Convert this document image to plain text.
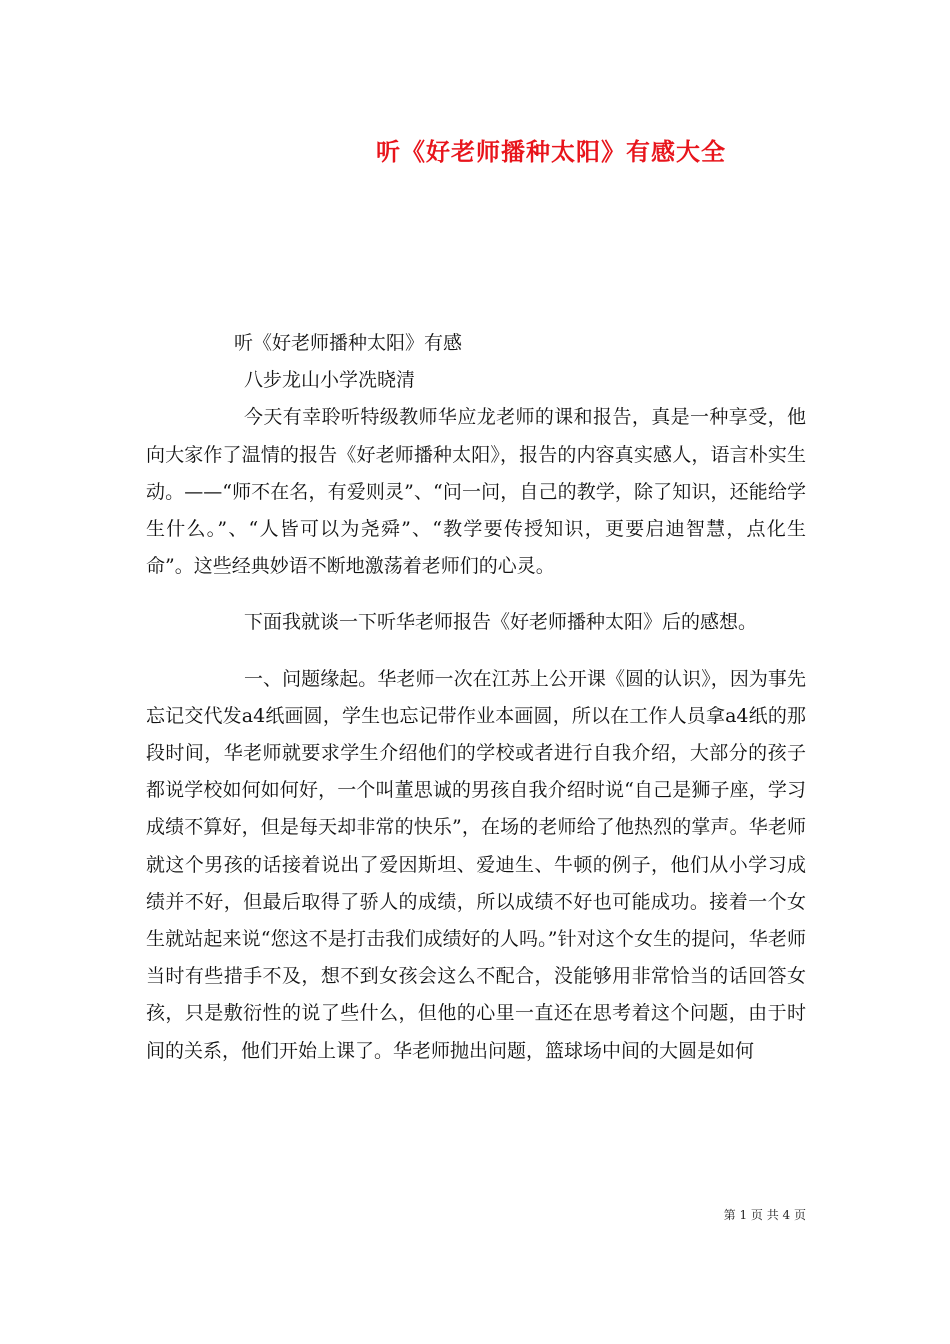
听《好老师播种太阳》有感大全

听《好老师播种太阳》有感

八步龙山小学冼晓清

今天有幸聆听特级教师华应龙老师的课和报告，真是一种享受，他向大家作了温情的报告《好老师播种太阳》，报告的内容真实感人，语言朴实生动。——“师不在名，有爱则灵”、“问一问，自己的教学，除了知识，还能给学生什么。”、“人皆可以为尧舜”、“教学要传授知识，更要启迪智慧，点化生命”。这些经典妙语不断地激荡着老师们的心灵。

下面我就谈一下听华老师报告《好老师播种太阳》后的感想。

一、问题缘起。华老师一次在江苏上公开课《圆的认识》，因为事先忘记交代发a4纸画圆，学生也忘记带作业本画圆，所以在工作人员拿a4纸的那段时间，华老师就要求学生介绍他们的学校或者进行自我介绍，大部分的孩子都说学校如何如何好，一个叫董思诚的男孩自我介绍时说“自己是狮子座，学习成绩不算好，但是每天却非常的快乐”，在场的老师给了他热烈的掌声。华老师就这个男孩的话接着说出了爱因斯坦、爱迪生、牛顿的例子，他们从小学习成绩并不好，但最后取得了骄人的成绩，所以成绩不好也可能成功。接着一个女生就站起来说“您这不是打击我们成绩好的人吗。”针对这个女生的提问，华老师当时有些措手不及，想不到女孩会这么不配合，没能够用非常恰当的话回答女孩，只是敷衍性的说了些什么，但他的心里一直还在思考着这个问题，由于时间的关系，他们开始上课了。华老师抛出问题，篮球场中间的大圆是如何

第 1 页 共 4 页
